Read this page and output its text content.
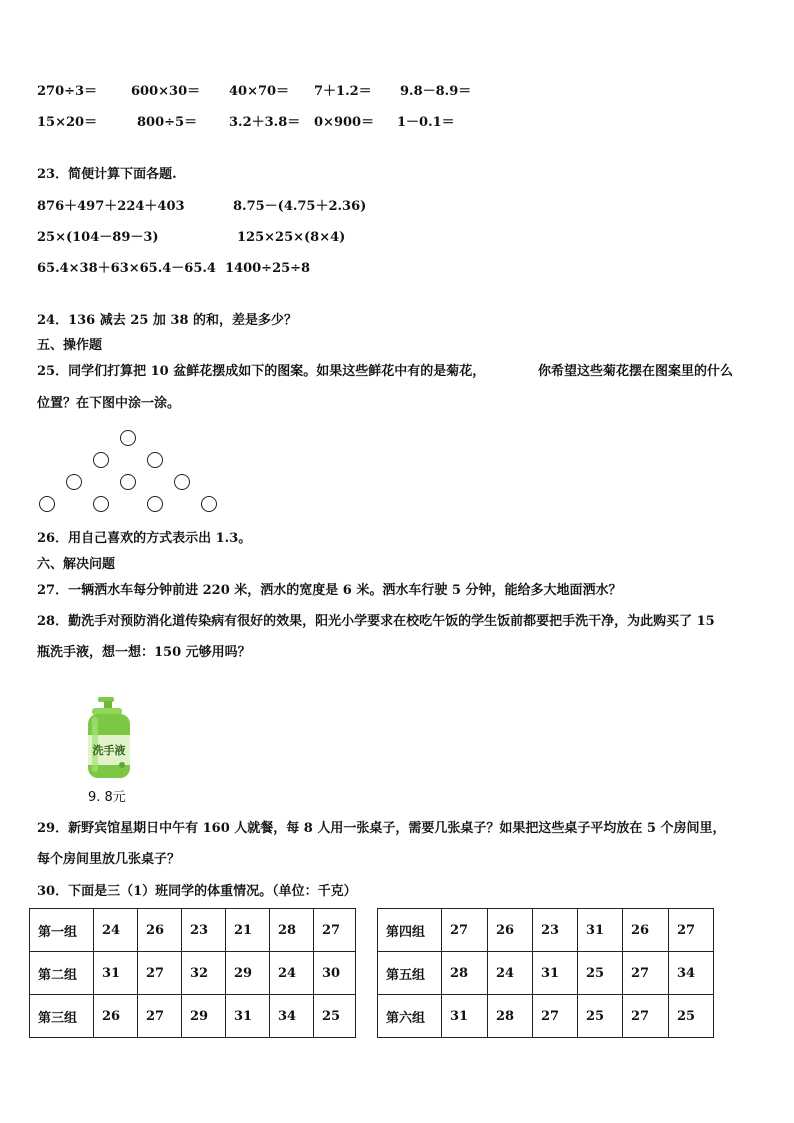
270÷3＝	600×30＝ 40×70＝ 7＋1.2＝ 9.8－8.9＝
15×20＝	800÷5＝ 3.2＋3.8＝ 0×900＝ 1－0.1＝
23．简便计算下面各题.
876＋497＋224＋403	8.75－(4.75＋2.36)
25×(104－89－3)	125×25×(8×4)
65.4×38＋63×65.4－65.4 1400÷25÷8
24．136 减去 25 加 38 的和，差是多少？
五、操作题
25．同学们打算把 10 盆鲜花摆成如下的图案。如果这些鲜花中有的是菊花，	你希望这些菊花摆在图案里的什么
位置？在下图中涂一涂。
26．用自己喜欢的方式表示出 1.3。
六、解决问题
27．一辆洒水车每分钟前进 220 米，洒水的宽度是 6 米。洒水车行驶 5 分钟，能给多大地面洒水？
28．勤洗手对预防消化道传染病有很好的效果，阳光小学要求在校吃午饭的学生饭前都要把手洗干净，为此购买了 15
瓶洗手液，想一想：150 元够用吗？
洗手液
9. 8元
29．新野宾馆星期日中午有 160 人就餐，每 8 人用一张桌子，需要几张桌子？如果把这些桌子平均放在 5 个房间里，
每个房间里放几张桌子？
30．下面是三（1）班同学的体重情况。（单位：千克）
第一组	24	26	23	21	28	27		第四组	27	26	23	31	26	27
第二组	31	27	32	29	24	30		第五组	28	24	31	25	27	34
第三组	26	27	29	31	34	25		第六组	31	28	27	25	27	25
